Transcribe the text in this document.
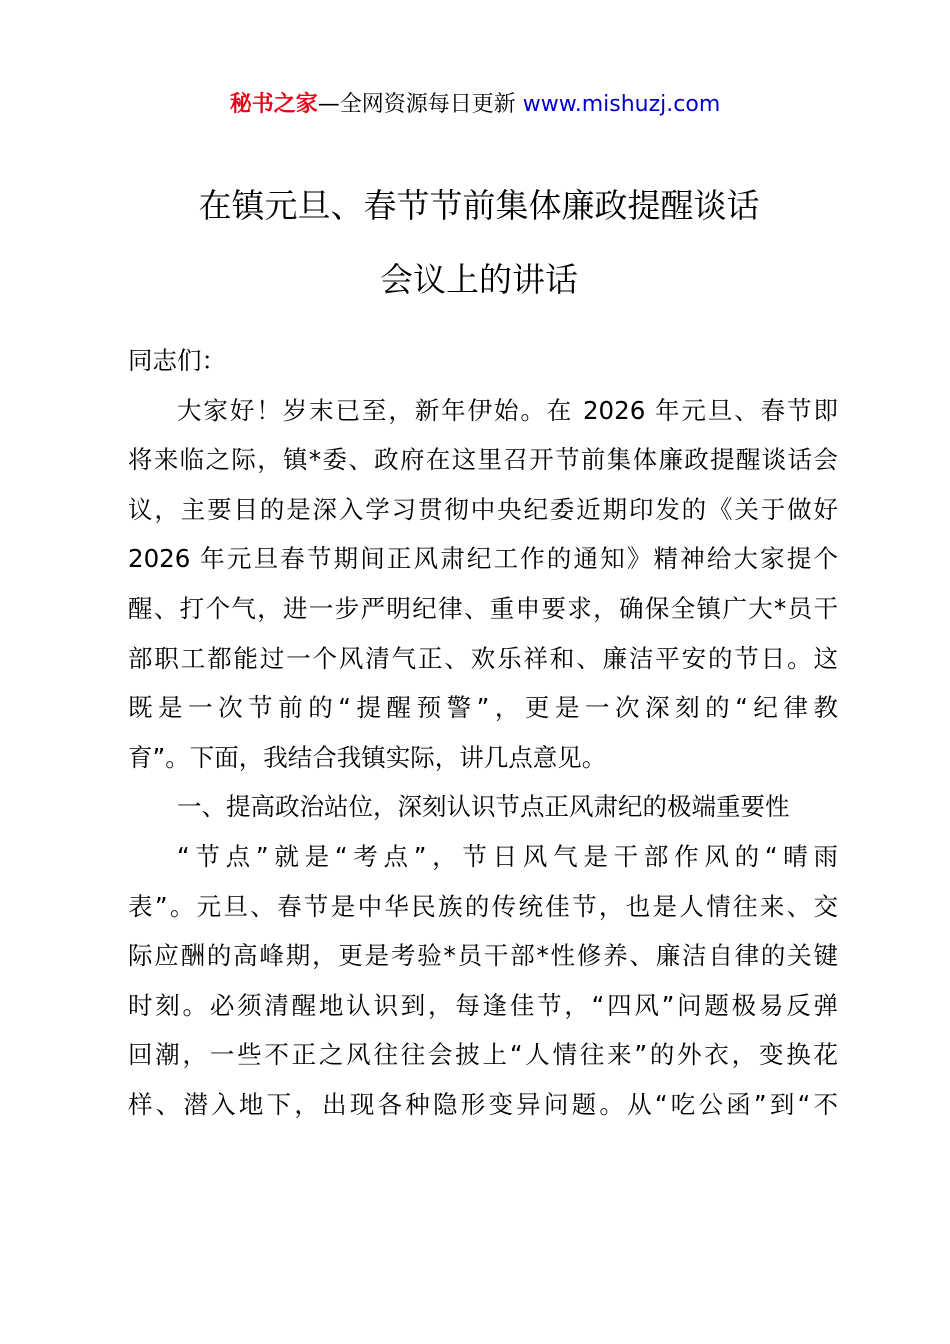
秘书之家—全网资源每日更新 www.mishuzj.com
在镇元旦、春节节前集体廉政提醒谈话
会议上的讲话
同志们：
大家好！岁末已至，新年伊始。在 2026 年元旦、春节即
将来临之际，镇*委、政府在这里召开节前集体廉政提醒谈话会
议，主要目的是深入学习贯彻中央纪委近期印发的《关于做好
2026 年元旦春节期间正风肃纪工作的通知》精神给大家提个
醒、打个气，进一步严明纪律、重申要求，确保全镇广大*员干
部职工都能过一个风清气正、欢乐祥和、廉洁平安的节日。这
既是一次节前的“提醒预警”，更是一次深刻的“纪律教
育”。下面，我结合我镇实际，讲几点意见。
一、提高政治站位，深刻认识节点正风肃纪的极端重要性
“节点”就是“考点”，节日风气是干部作风的“晴雨
表”。元旦、春节是中华民族的传统佳节，也是人情往来、交
际应酬的高峰期，更是考验*员干部*性修养、廉洁自律的关键
时刻。必须清醒地认识到，每逢佳节，“四风”问题极易反弹
回潮，一些不正之风往往会披上“人情往来”的外衣，变换花
样、潜入地下，出现各种隐形变异问题。从“吃公函”到“不
